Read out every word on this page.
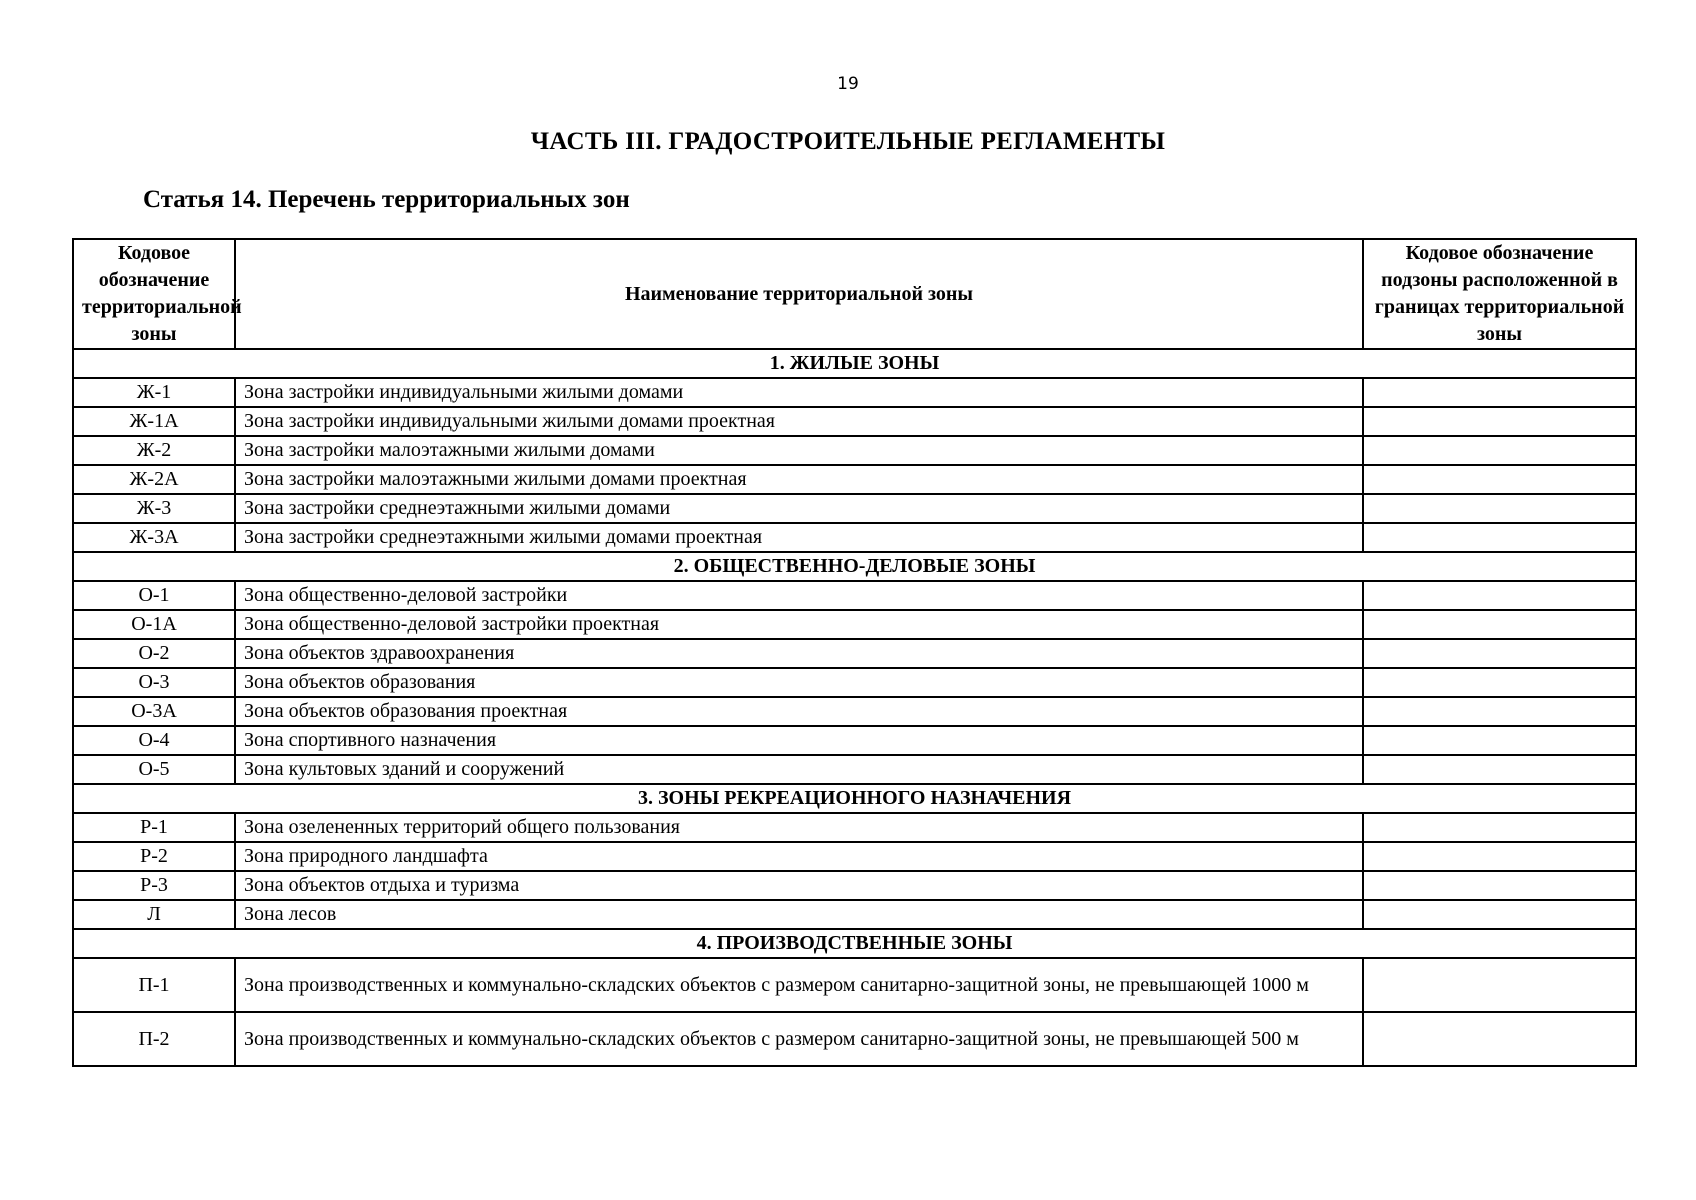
19
ЧАСТЬ III. ГРАДОСТРОИТЕЛЬНЫЕ РЕГЛАМЕНТЫ
Статья 14. Перечень территориальных зон
Кодовое обозначение территориальной зоны	Наименование территориальной зоны	Кодовое обозначение подзоны расположенной в границах территориальной зоны
1. ЖИЛЫЕ ЗОНЫ		
Ж-1	Зона застройки индивидуальными жилыми домами	
Ж-1А	Зона застройки индивидуальными жилыми домами проектная	
Ж-2	Зона застройки малоэтажными жилыми домами	
Ж-2А	Зона застройки малоэтажными жилыми домами проектная	
Ж-3	Зона застройки среднеэтажными жилыми домами	
Ж-3А	Зона застройки среднеэтажными жилыми домами проектная	
2. ОБЩЕСТВЕННО-ДЕЛОВЫЕ ЗОНЫ		
О-1	Зона общественно-деловой застройки	
О-1А	Зона общественно-деловой застройки проектная	
О-2	Зона объектов здравоохранения	
О-3	Зона объектов образования	
О-3А	Зона объектов образования проектная	
О-4	Зона спортивного назначения	
О-5	Зона культовых зданий и сооружений	
3. ЗОНЫ РЕКРЕАЦИОННОГО НАЗНАЧЕНИЯ		
Р-1	Зона озелененных территорий общего пользования	
Р-2	Зона природного ландшафта	
Р-3	Зона объектов отдыха и туризма	
Л	Зона лесов	
4. ПРОИЗВОДСТВЕННЫЕ ЗОНЫ		
П-1	Зона производственных и коммунально-складских объектов с размером санитарно-защитной зоны, не превышающей 1000 м	
П-2	Зона производственных и коммунально-складских объектов с размером санитарно-защитной зоны, не превышающей 500 м	
